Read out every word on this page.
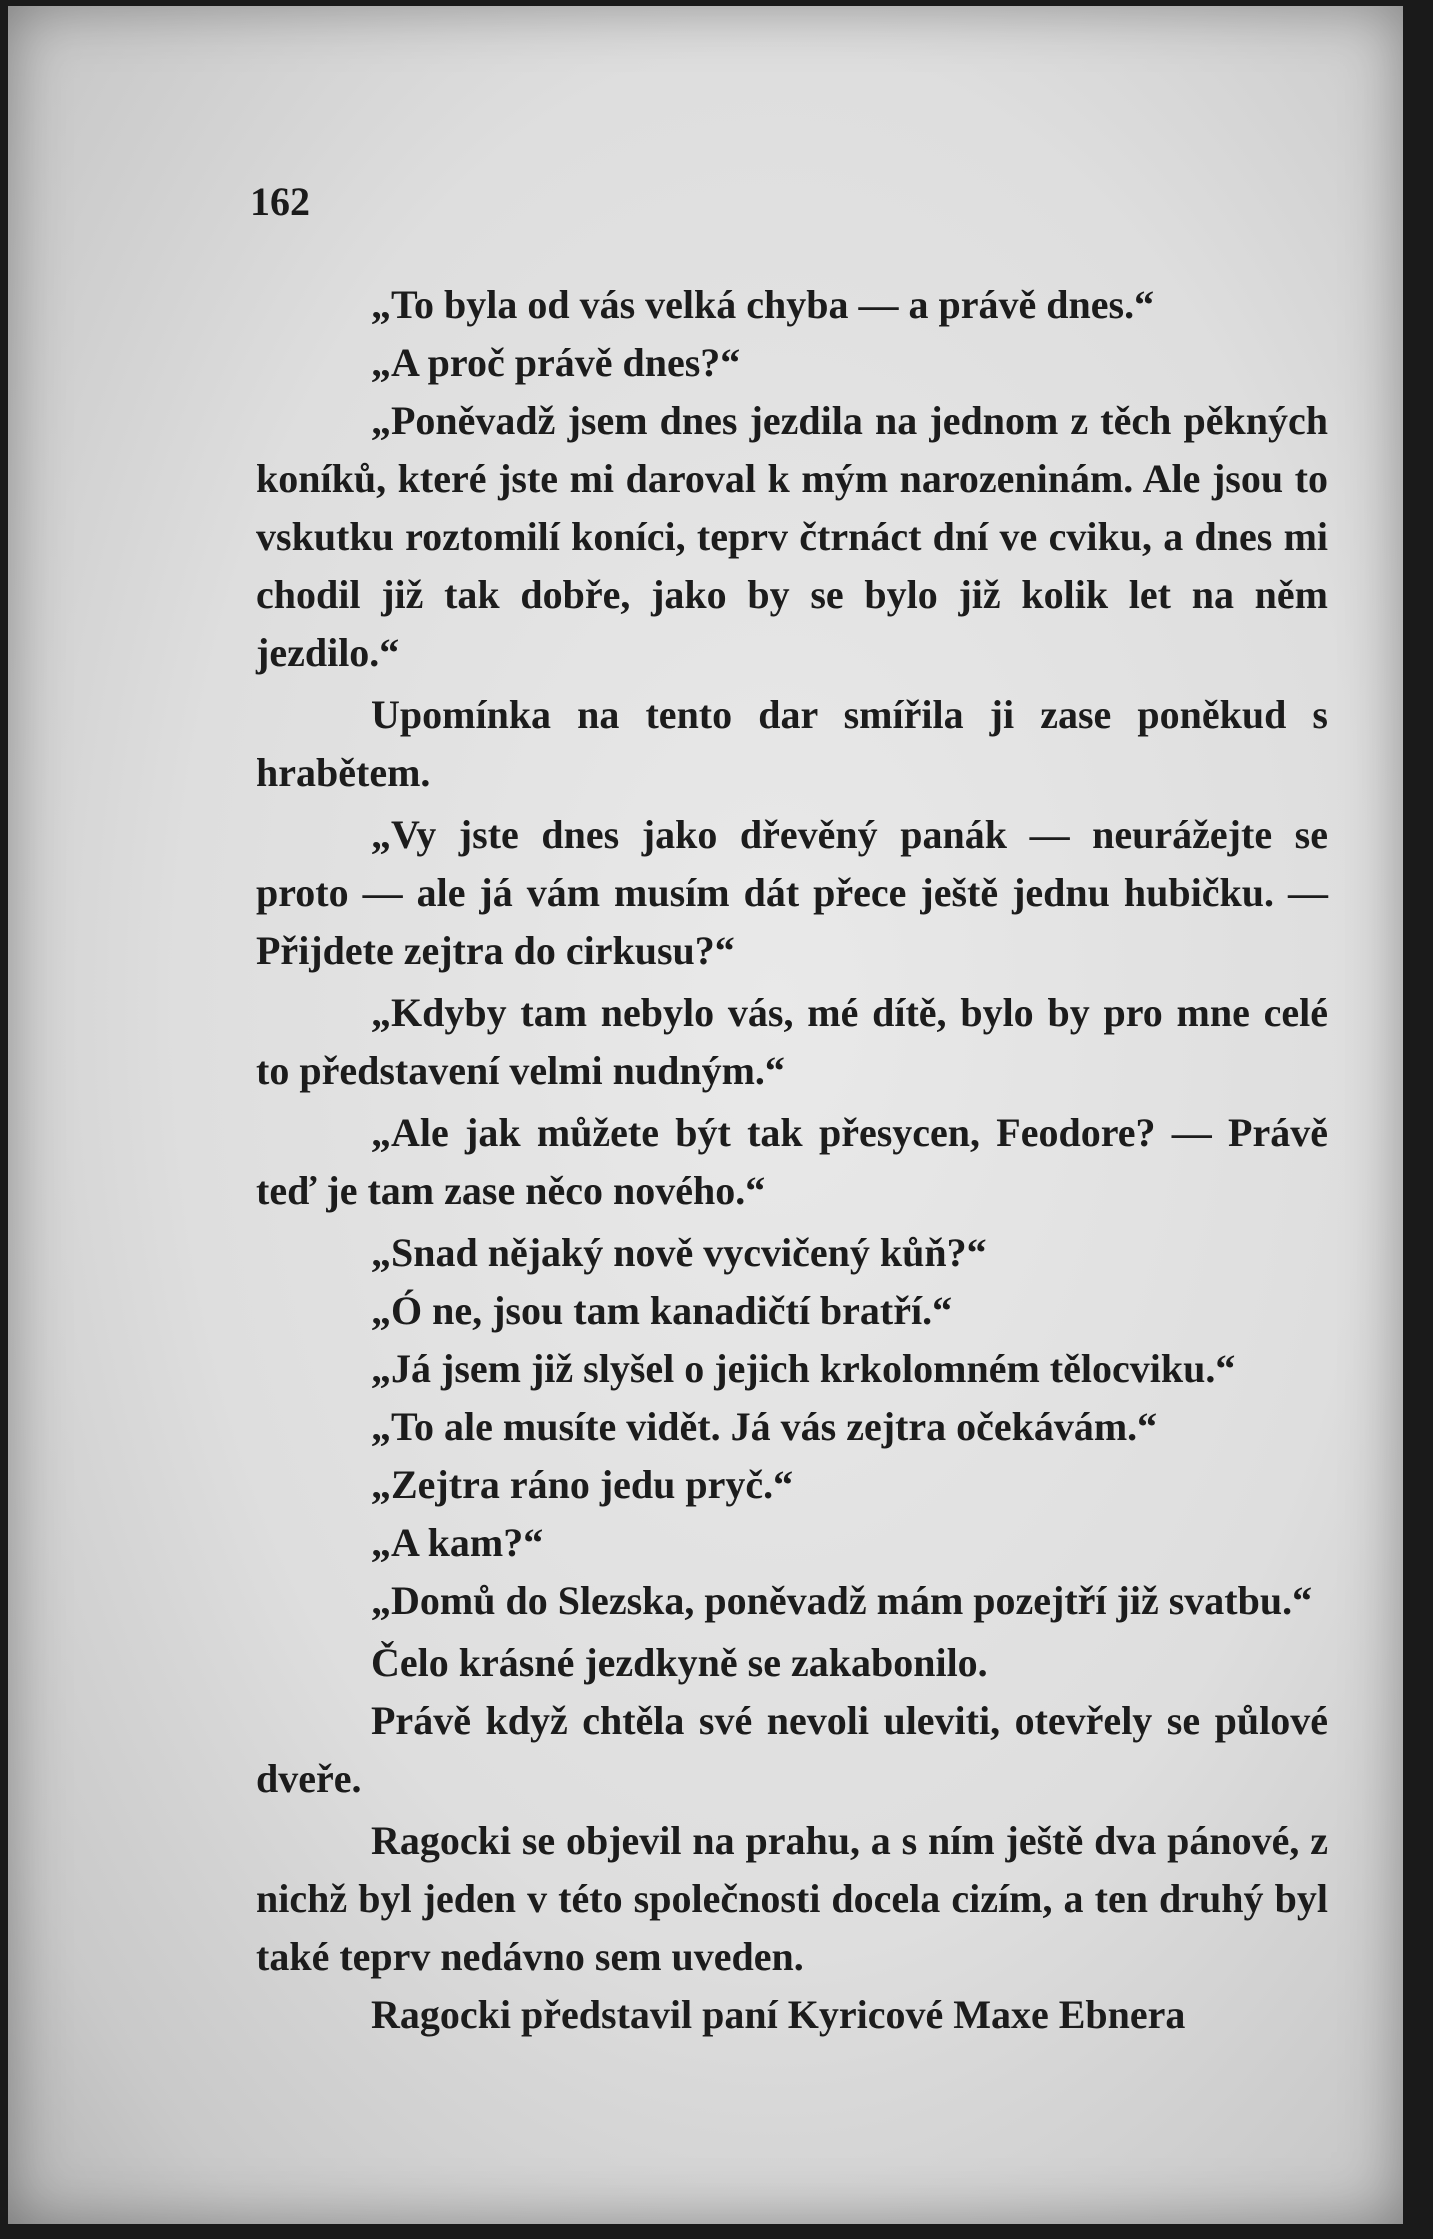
162

„To byla od vás velká chyba — a právě dnes.“

„A proč právě dnes?“

„Poněvadž jsem dnes jezdila na jednom z těch pěkných koníků, které jste mi daroval k mým narozeninám. Ale jsou to vskutku roztomilí koníci, teprv čtrnáct dní ve cviku, a dnes mi chodil již tak dobře, jako by se bylo již kolik let na něm jezdilo.“

Upomínka na tento dar smířila ji zase poněkud s hrabětem.

„Vy jste dnes jako dřevěný panák — neurážejte se proto — ale já vám musím dát přece ještě jednu hubičku. — Přijdete zejtra do cirkusu?“

„Kdyby tam nebylo vás, mé dítě, bylo by pro mne celé to představení velmi nudným.“

„Ale jak můžete být tak přesycen, Feodore? — Právě teď je tam zase něco nového.“

„Snad nějaký nově vycvičený kůň?“

„Ó ne, jsou tam kanadičtí bratří.“

„Já jsem již slyšel o jejich krkolomném tělocviku.“

„To ale musíte vidět. Já vás zejtra očekávám.“

„Zejtra ráno jedu pryč.“

„A kam?“

„Domů do Slezska, poněvadž mám pozejtří již svatbu.“

Čelo krásné jezdkyně se zakabonilo.

Právě když chtěla své nevoli uleviti, otevřely se půlové dveře.

Ragocki se objevil na prahu, a s ním ještě dva pánové, z nichž byl jeden v této společnosti docela cizím, a ten druhý byl také teprv nedávno sem uveden.

Ragocki představil paní Kyricové Maxe Ebnera
